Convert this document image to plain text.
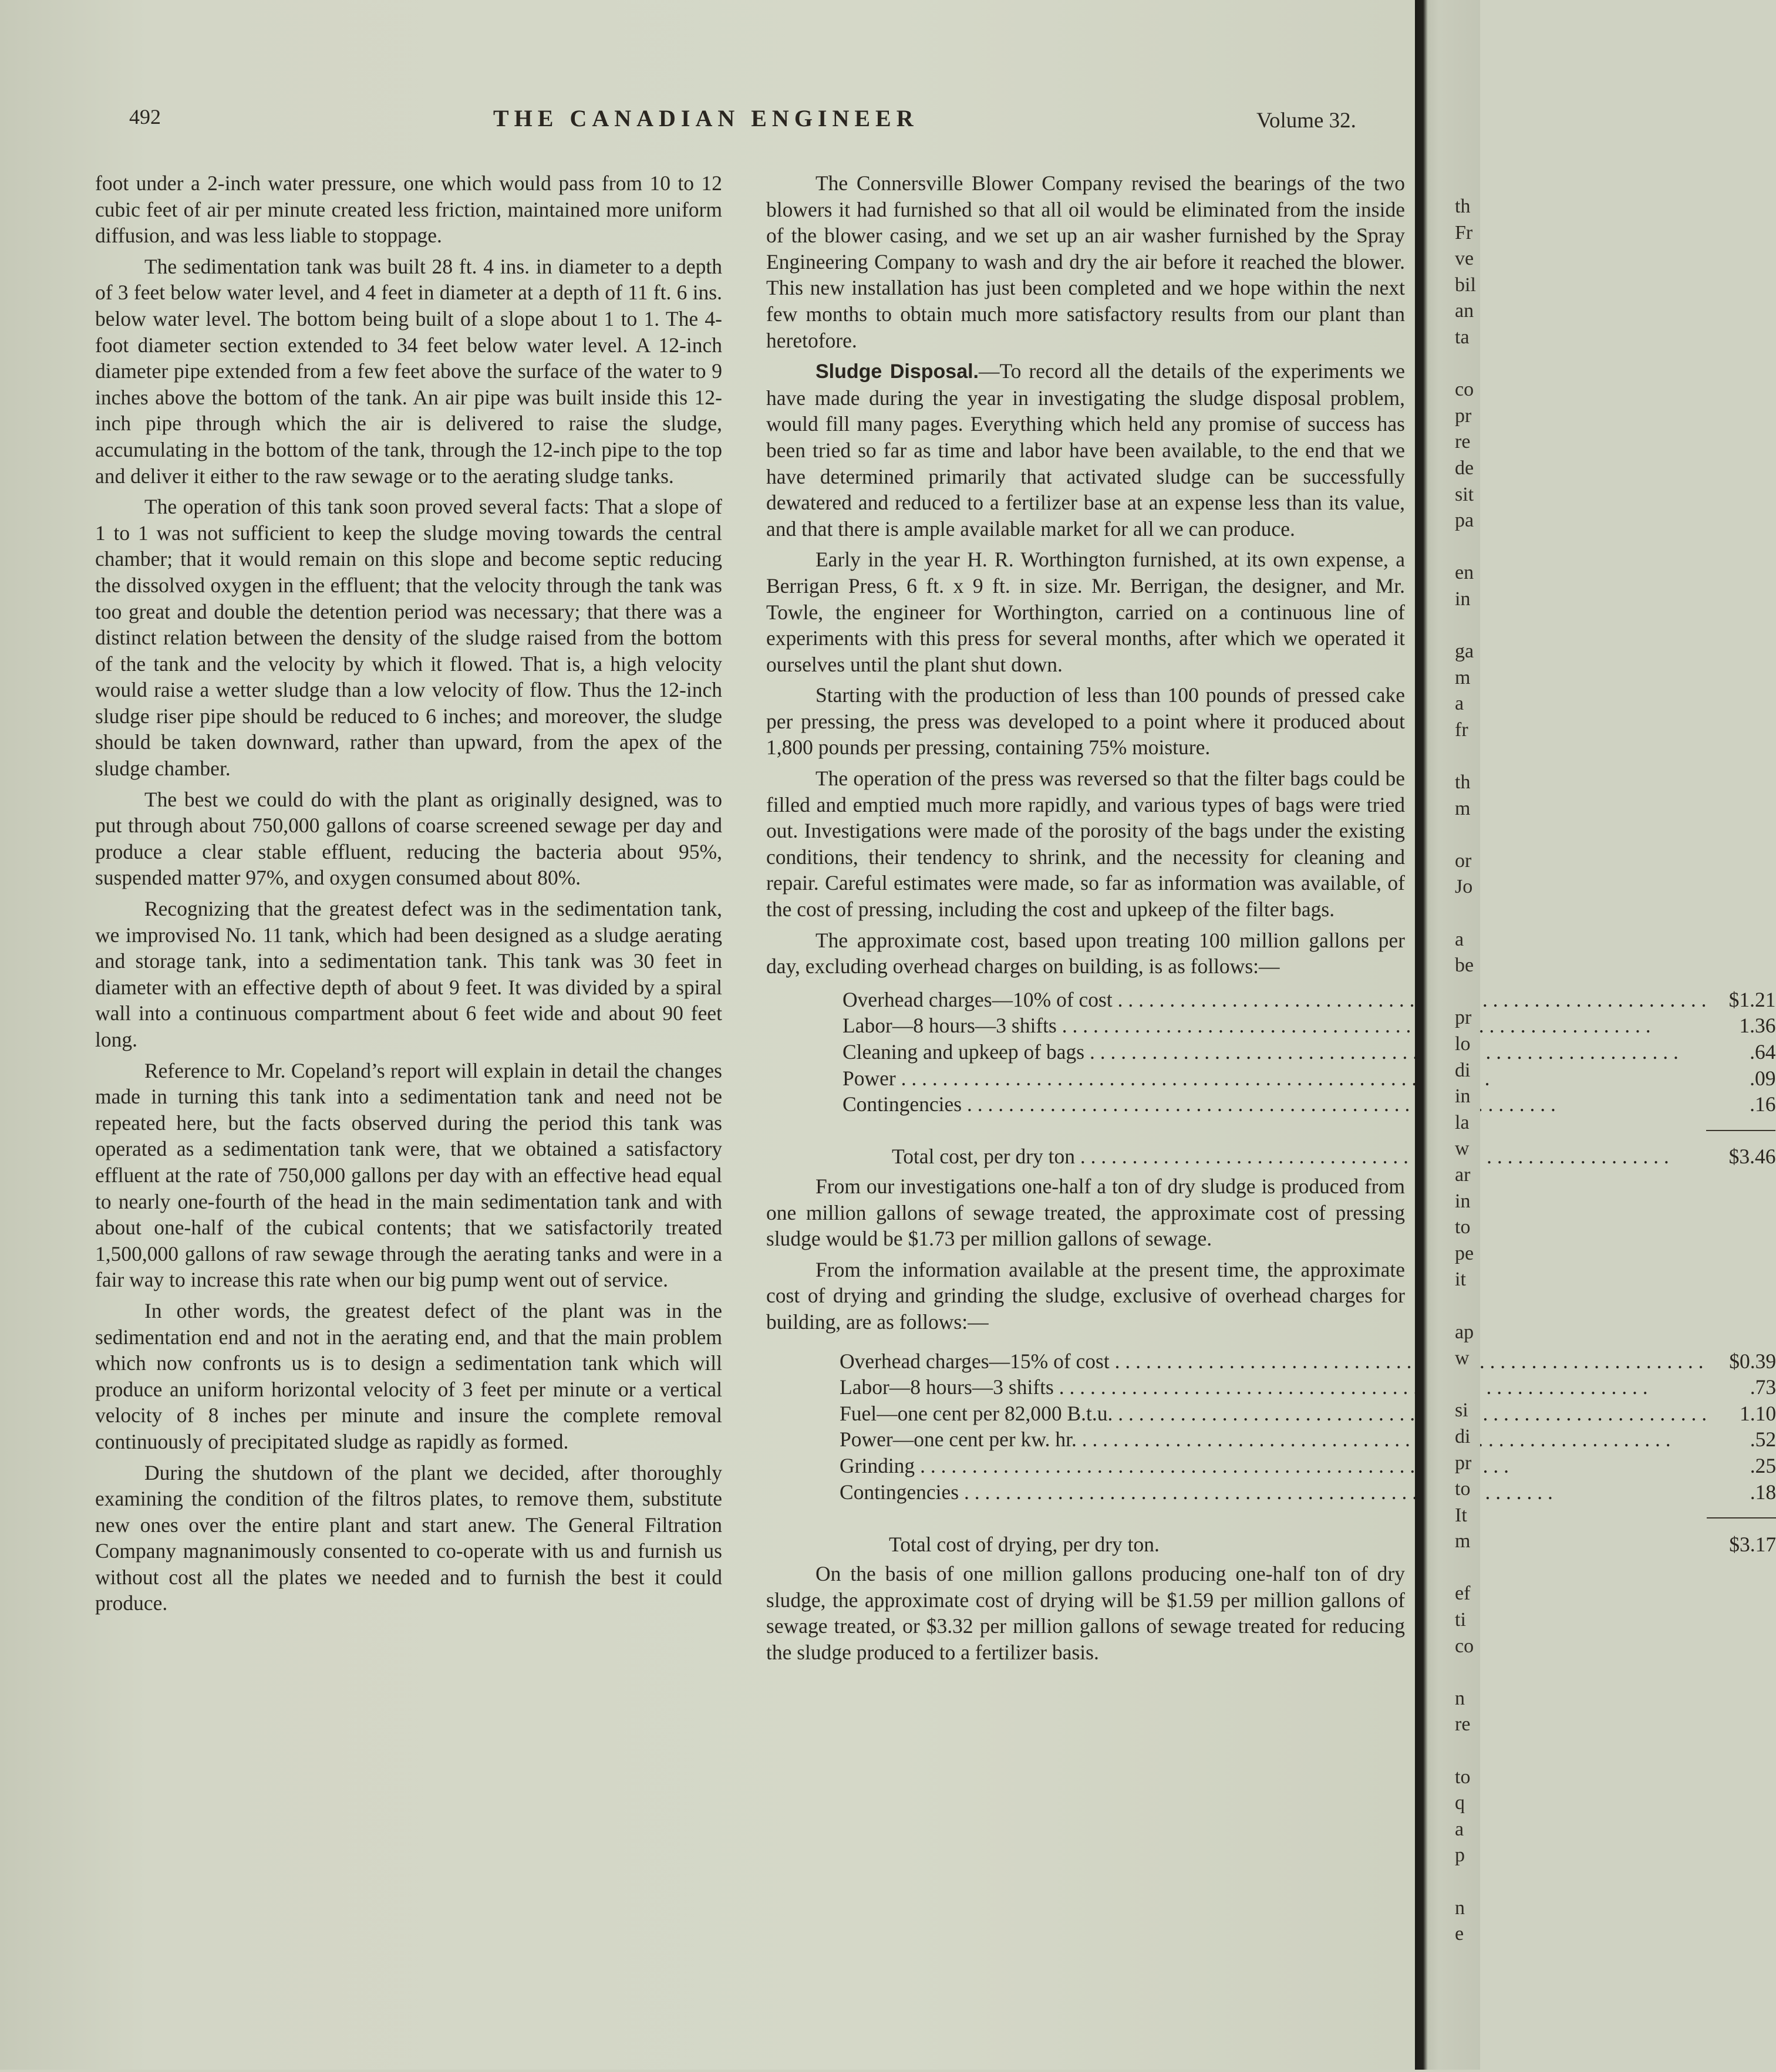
492	THE CANADIAN ENGINEER	Volume 32.

foot under a 2-inch water pressure, one which would pass from 10 to 12 cubic feet of air per minute created less friction, maintained more uniform diffusion, and was less liable to stoppage.

The sedimentation tank was built 28 ft. 4 ins. in diameter to a depth of 3 feet below water level, and 4 feet in diameter at a depth of 11 ft. 6 ins. below water level. The bottom being built of a slope about 1 to 1. The 4-foot diameter section extended to 34 feet below water level. A 12-inch diameter pipe extended from a few feet above the surface of the water to 9 inches above the bottom of the tank. An air pipe was built inside this 12-inch pipe through which the air is delivered to raise the sludge, accumulating in the bottom of the tank, through the 12-inch pipe to the top and deliver it either to the raw sewage or to the aerating sludge tanks.

The operation of this tank soon proved several facts: That a slope of 1 to 1 was not sufficient to keep the sludge moving towards the central chamber; that it would remain on this slope and become septic reducing the dissolved oxygen in the effluent; that the velocity through the tank was too great and double the detention period was necessary; that there was a distinct relation between the density of the sludge raised from the bottom of the tank and the velocity by which it flowed. That is, a high velocity would raise a wetter sludge than a low velocity of flow. Thus the 12-inch sludge riser pipe should be reduced to 6 inches; and moreover, the sludge should be taken downward, rather than upward, from the apex of the sludge chamber.

The best we could do with the plant as originally designed, was to put through about 750,000 gallons of coarse screened sewage per day and produce a clear stable effluent, reducing the bacteria about 95%, suspended matter 97%, and oxygen consumed about 80%.

Recognizing that the greatest defect was in the sedimentation tank, we improvised No. 11 tank, which had been designed as a sludge aerating and storage tank, into a sedimentation tank. This tank was 30 feet in diameter with an effective depth of about 9 feet. It was divided by a spiral wall into a continuous compartment about 6 feet wide and about 90 feet long.

Reference to Mr. Copeland’s report will explain in detail the changes made in turning this tank into a sedimentation tank and need not be repeated here, but the facts observed during the period this tank was operated as a sedimentation tank were, that we obtained a satisfactory effluent at the rate of 750,000 gallons per day with an effective head equal to nearly one-fourth of the head in the main sedimentation tank and with about one-half of the cubical contents; that we satisfactorily treated 1,500,000 gallons of raw sewage through the aerating tanks and were in a fair way to increase this rate when our big pump went out of service.

In other words, the greatest defect of the plant was in the sedimentation end and not in the aerating end, and that the main problem which now confronts us is to design a sedimentation tank which will produce an uniform horizontal velocity of 3 feet per minute or a vertical velocity of 8 inches per minute and insure the complete removal continuously of precipitated sludge as rapidly as formed.

During the shutdown of the plant we decided, after thoroughly examining the condition of the filtros plates, to remove them, substitute new ones over the entire plant and start anew. The General Filtration Company magnanimously consented to co-operate with us and furnish us without cost all the plates we needed and to furnish the best it could produce.

The Connersville Blower Company revised the bearings of the two blowers it had furnished so that all oil would be eliminated from the inside of the blower casing, and we set up an air washer furnished by the Spray Engineering Company to wash and dry the air before it reached the blower. This new installation has just been completed and we hope within the next few months to obtain much more satisfactory results from our plant than heretofore.

Sludge Disposal.—To record all the details of the experiments we have made during the year in investigating the sludge disposal problem, would fill many pages. Everything which held any promise of success has been tried so far as time and labor have been available, to the end that we have determined primarily that activated sludge can be successfully dewatered and reduced to a fertilizer base at an expense less than its value, and that there is ample available market for all we can produce.

Early in the year H. R. Worthington furnished, at its own expense, a Berrigan Press, 6 ft. x 9 ft. in size. Mr. Berrigan, the designer, and Mr. Towle, the engineer for Worthington, carried on a continuous line of experiments with this press for several months, after which we operated it ourselves until the plant shut down.

Starting with the production of less than 100 pounds of pressed cake per pressing, the press was developed to a point where it produced about 1,800 pounds per pressing, containing 75% moisture.

The operation of the press was reversed so that the filter bags could be filled and emptied much more rapidly, and various types of bags were tried out. Investigations were made of the porosity of the bags under the existing conditions, their tendency to shrink, and the necessity for cleaning and repair. Careful estimates were made, so far as information was available, of the cost of pressing, including the cost and upkeep of the filter bags.

The approximate cost, based upon treating 100 million gallons per day, excluding overhead charges on building, is as follows:—

Overhead charges—10% of cost . . .	$1.21
Labor—8 hours—3 shifts . . .	1.36
Cleaning and upkeep of bags . . .	.64
Power . . .	.09
Contingencies . . .	.16

Total cost, per dry ton . . .	$3.46

From our investigations one-half a ton of dry sludge is produced from one million gallons of sewage treated, the approximate cost of pressing sludge would be $1.73 per million gallons of sewage.

From the information available at the present time, the approximate cost of drying and grinding the sludge, exclusive of overhead charges for building, are as follows:—

Overhead charges—15% of cost . . .	$0.39
Labor—8 hours—3 shifts . . .	.73
Fuel—one cent per 82,000 B.t.u. . . .	1.10
Power—one cent per kw. hr. . . .	.52
Grinding . . .	.25
Contingencies . . .	.18

Total cost of drying, per dry ton.	$3.17

On the basis of one million gallons producing one-half ton of dry sludge, the approximate cost of drying will be $1.59 per million gallons of sewage treated, or $3.32 per million gallons of sewage treated for reducing the sludge produced to a fertilizer basis.

th
Fr
ve
bil
an
ta

co
pr
re
de
sit
pa

en
in

ga
m
a
fr

th
m

or
Jo

a
be

pr
lo
di
in
la
w
ar
in
to
pe
it

ap
w

si
di
pr
to
It
m

ef
ti
co

n
re

to
q
a
p

n
e
